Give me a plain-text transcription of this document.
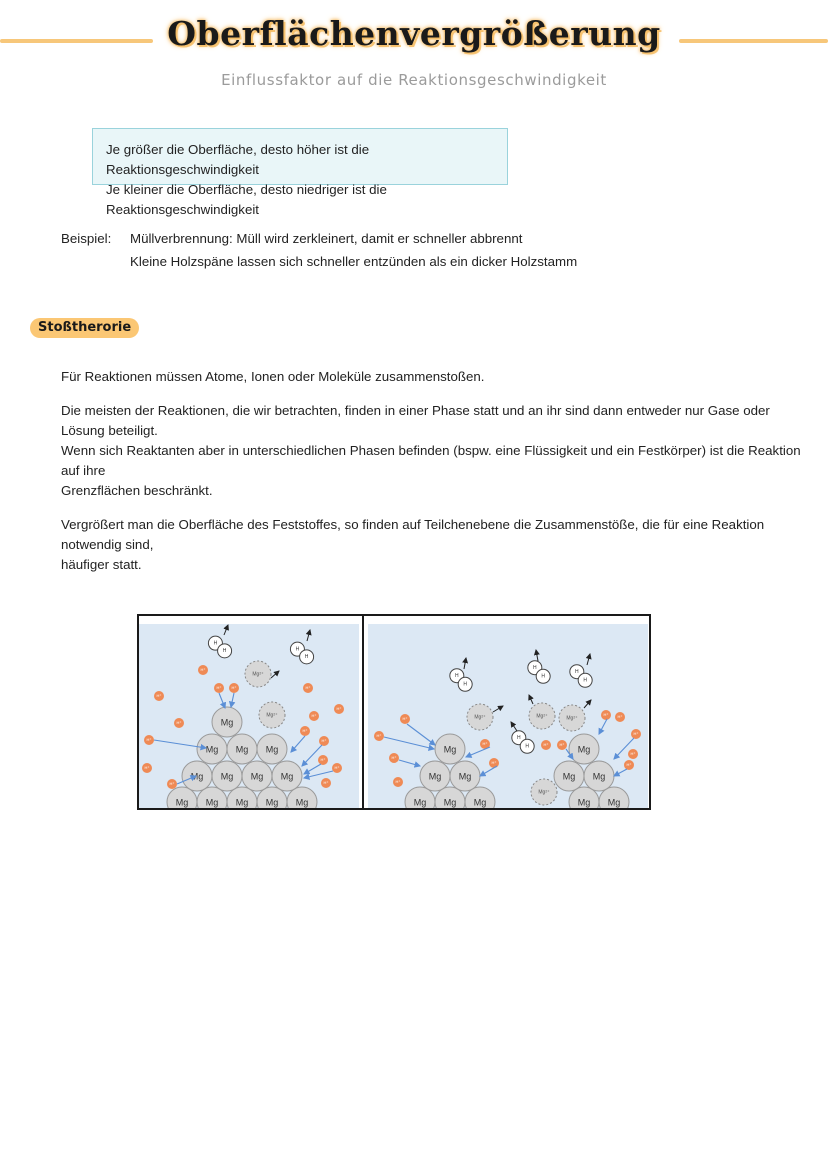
Oberflächenvergrößerung
Einflussfaktor auf die Reaktionsgeschwindigkeit
Je größer die Oberfläche, desto höher ist die Reaktionsgeschwindigkeit
Je kleiner die Oberfläche, desto niedriger ist die Reaktionsgeschwindigkeit
Beispiel: Müllverbrennung: Müll wird zerkleinert, damit er schneller abbrennt
Kleine Holzspäne lassen sich schneller entzünden als ein dicker Holzstamm
Stoßtherorie

Für Reaktionen müssen Atome, Ionen oder Moleküle zusammenstoßen.

Die meisten der Reaktionen, die wir betrachten, finden in einer Phase statt und an ihr sind dann entweder nur Gase oder Lösung beteiligt.

Wenn sich Reaktanten aber in unterschiedlichen Phasen befinden (bspw. eine Flüssigkeit und ein Festkörper) ist die Reaktion auf ihre

Grenzflächen beschränkt.

Vergrößert man die Oberfläche des Feststoffes, so finden auf Teilchenebene die Zusammenstöße, die für eine Reaktion notwendig sind,

häufiger statt.

Mg Mg Mg Mg Mg
Mg Mg Mg Mg
Mg Mg Mg
Mg
Mg²⁺
Mg²⁺
H
H	H
H
H⁺
H⁺
H⁺
H⁺
H⁺
H⁺
H⁺	H⁺	H⁺
H⁺
H⁺
H⁺
H⁺
H⁺
H⁺
H⁺
Mg Mg Mg
Mg Mg
Mg
Mg Mg
Mg Mg
Mg
Mg²⁺	Mg²⁺	Mg²⁺
Mg²⁺
H
H
H
H
H
H
H
H
H⁺
H⁺
H⁺
H⁺
H⁺
H⁺
H⁺	H⁺
H⁺ H⁺
H⁺
H⁺
H⁺
